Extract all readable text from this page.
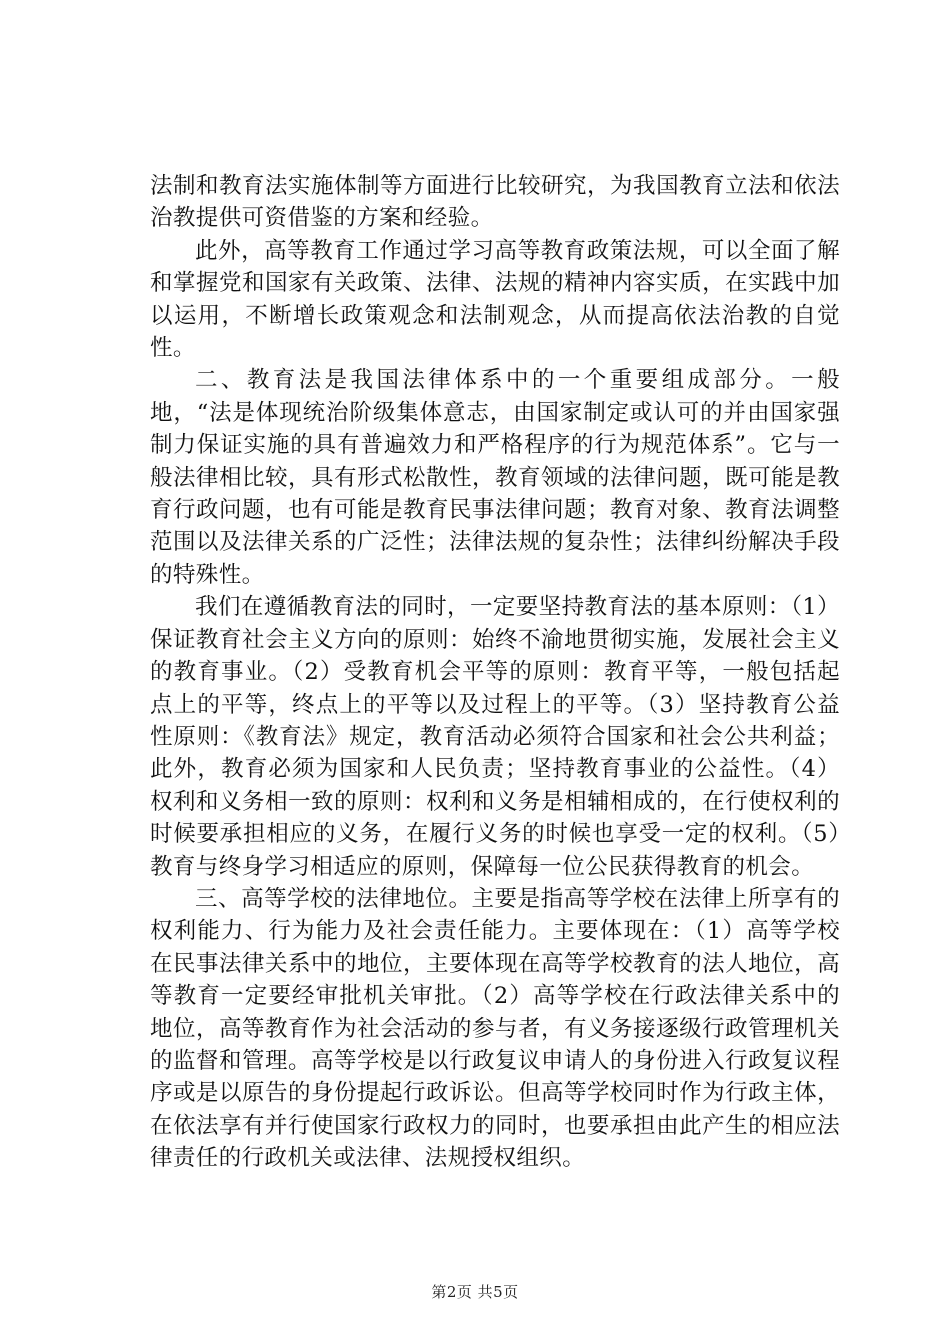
法制和教育法实施体制等方面进行比较研究，为我国教育立法和依法治教提供可资借鉴的方案和经验。

此外，高等教育工作通过学习高等教育政策法规，可以全面了解和掌握党和国家有关政策、法律、法规的精神内容实质，在实践中加以运用，不断增长政策观念和法制观念，从而提高依法治教的自觉性。

二、教育法是我国法律体系中的一个重要组成部分。一般地，“法是体现统治阶级集体意志，由国家制定或认可的并由国家强制力保证实施的具有普遍效力和严格程序的行为规范体系”。它与一般法律相比较，具有形式松散性，教育领域的法律问题，既可能是教育行政问题，也有可能是教育民事法律问题；教育对象、教育法调整范围以及法律关系的广泛性；法律法规的复杂性；法律纠纷解决手段的特殊性。

我们在遵循教育法的同时，一定要坚持教育法的基本原则：（1）保证教育社会主义方向的原则：始终不渝地贯彻实施，发展社会主义的教育事业。（2）受教育机会平等的原则：教育平等，一般包括起点上的平等，终点上的平等以及过程上的平等。（3）坚持教育公益性原则：《教育法》规定，教育活动必须符合国家和社会公共利益；此外，教育必须为国家和人民负责；坚持教育事业的公益性。（4）权利和义务相一致的原则：权利和义务是相辅相成的，在行使权利的时候要承担相应的义务，在履行义务的时候也享受一定的权利。（5）教育与终身学习相适应的原则，保障每一位公民获得教育的机会。

三、高等学校的法律地位。主要是指高等学校在法律上所享有的权利能力、行为能力及社会责任能力。主要体现在：（1）高等学校在民事法律关系中的地位，主要体现在高等学校教育的法人地位，高等教育一定要经审批机关审批。（2）高等学校在行政法律关系中的地位，高等教育作为社会活动的参与者，有义务接逐级行政管理机关的监督和管理。高等学校是以行政复议申请人的身份进入行政复议程序或是以原告的身份提起行政诉讼。但高等学校同时作为行政主体，在依法享有并行使国家行政权力的同时，也要承担由此产生的相应法律责任的行政机关或法律、法规授权组织。

第2页 共5页
